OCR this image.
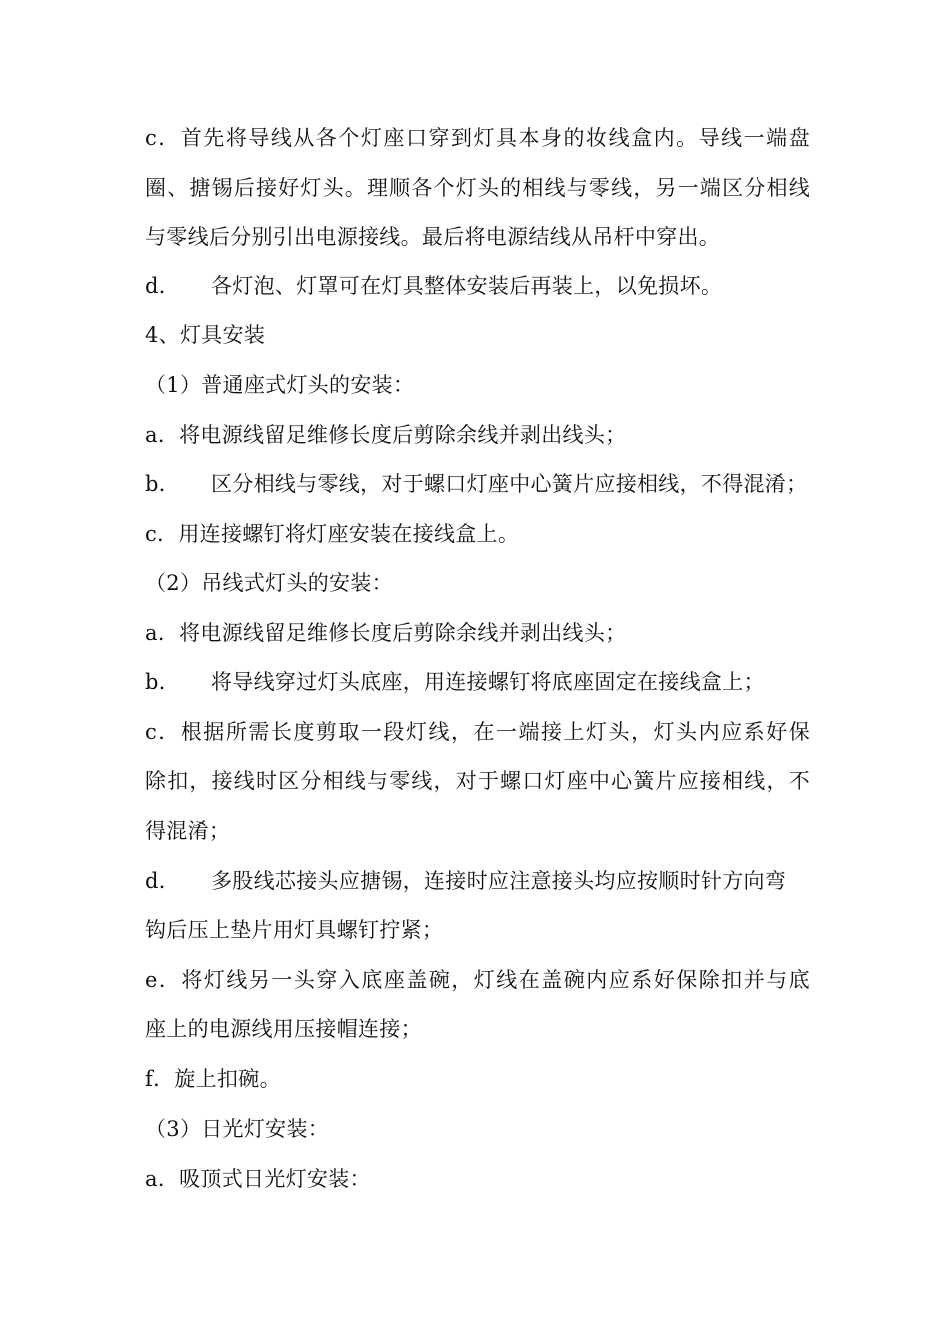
c．首先将导线从各个灯座口穿到灯具本身的妆线盒内。导线一端盘
圈、搪锡后接好灯头。理顺各个灯头的相线与零线，另一端区分相线
与零线后分别引出电源接线。最后将电源结线从吊杆中穿出。
d． 各灯泡、灯罩可在灯具整体安装后再装上，以免损坏。
4、灯具安装
（1）普通座式灯头的安装：
a．将电源线留足维修长度后剪除余线并剥出线头；
b． 区分相线与零线，对于螺口灯座中心簧片应接相线，不得混淆；
c．用连接螺钉将灯座安装在接线盒上。
（2）吊线式灯头的安装：
a．将电源线留足维修长度后剪除余线并剥出线头；
b． 将导线穿过灯头底座，用连接螺钉将底座固定在接线盒上；
c．根据所需长度剪取一段灯线，在一端接上灯头，灯头内应系好保
除扣，接线时区分相线与零线，对于螺口灯座中心簧片应接相线，不
得混淆；
d． 多股线芯接头应搪锡，连接时应注意接头均应按顺时针方向弯
钩后压上垫片用灯具螺钉拧紧；
e．将灯线另一头穿入底座盖碗，灯线在盖碗内应系好保除扣并与底
座上的电源线用压接帽连接；
f．旋上扣碗。
（3）日光灯安装：
a．吸顶式日光灯安装：
